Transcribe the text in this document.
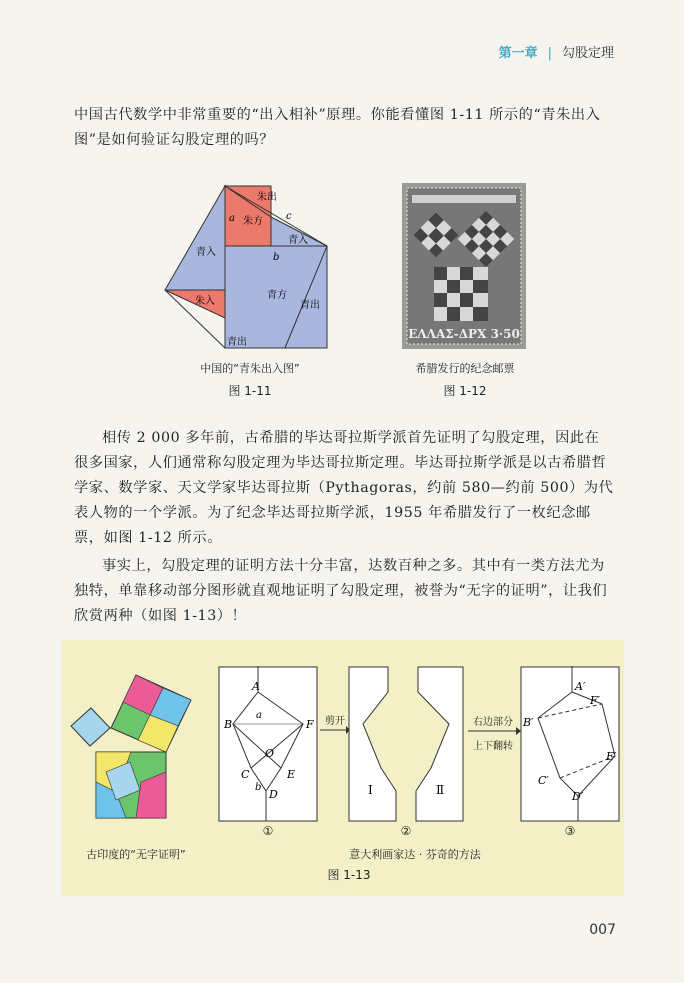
第一章 | 勾股定理
中国古代数学中非常重要的“出入相补”原理。你能看懂图 1-11 所示的“青朱出入图”是如何验证勾股定理的吗？
朱出
朱方
a	c
青入
青入	b
青方
朱入	青出
青出
中国的“青朱出入图”
图 1-11
ΕΛΛΑΣ-ΔΡΧ 3·50
希腊发行的纪念邮票
图 1-12
相传 2 000 多年前，古希腊的毕达哥拉斯学派首先证明了勾股定理，因此在很多国家，人们通常称勾股定理为毕达哥拉斯定理。毕达哥拉斯学派是以古希腊哲学家、数学家、天文学家毕达哥拉斯（Pythagoras，约前 580—约前 500）为代表人物的一个学派。为了纪念毕达哥拉斯学派，1955 年希腊发行了一枚纪念邮票，如图 1-12 所示。
事实上，勾股定理的证明方法十分丰富，达数百种之多。其中有一类方法尤为独特，单靠移动部分图形就直观地证明了勾股定理，被誉为“无字的证明”，让我们欣赏两种（如图 1-13）！
A
a
B	F
O
C	E
b
D
①
剪开
I	Ⅱ
②
右边部分
上下翻转
A′
F′
B′
E′
C′
D′
③
古印度的“无字证明”	意大利画家达 · 芬奇的方法
图 1-13
007
